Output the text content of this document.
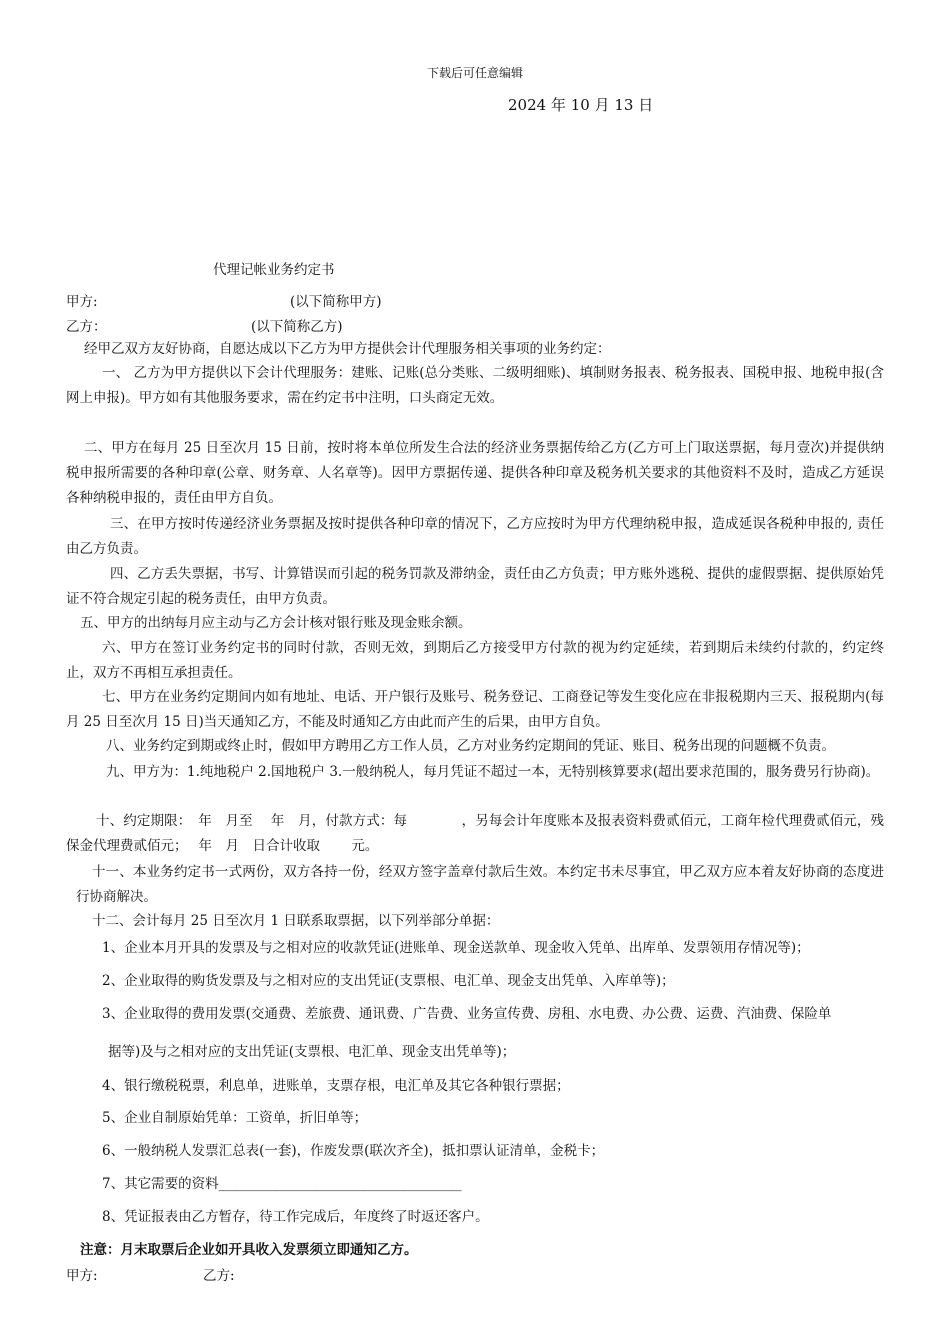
下载后可任意编辑
2024 年 10 月 13 日
代理记帐业务约定书
甲方:	(以下简称甲方)
乙方：	(以下简称乙方)
经甲乙双方友好协商，自愿达成以下乙方为甲方提供会计代理服务相关事项的业务约定：
一、 乙方为甲方提供以下会计代理服务：建账、记账(总分类账、二级明细账)、填制财务报表、税务报表、国税申报、地税申报(含网上申报)。甲方如有其他服务要求，需在约定书中注明，口头商定无效。
二、甲方在每月 25 日至次月 15 日前，按时将本单位所发生合法的经济业务票据传给乙方(乙方可上门取送票据，每月壹次)并提供纳税申报所需要的各种印章(公章、财务章、人名章等)。因甲方票据传递、提供各种印章及税务机关要求的其他资料不及时，造成乙方延误各种纳税申报的，责任由甲方自负。
三、在甲方按时传递经济业务票据及按时提供各种印章的情况下，乙方应按时为甲方代理纳税申报，造成延误各税种申报的, 责任由乙方负责。
四、乙方丢失票据，书写、计算错误而引起的税务罚款及滞纳金，责任由乙方负责；甲方账外逃税、提供的虚假票据、提供原始凭证不符合规定引起的税务责任，由甲方负责。
五、甲方的出纳每月应主动与乙方会计核对银行账及现金账余额。
六、甲方在签订业务约定书的同时付款，否则无效，到期后乙方接受甲方付款的视为约定延续，若到期后未续约付款的，约定终止，双方不再相互承担责任。
七、甲方在业务约定期间内如有地址、电话、开户银行及账号、税务登记、工商登记等发生变化应在非报税期内三天、报税期内(每月 25 日至次月 15 日)当天通知乙方，不能及时通知乙方由此而产生的后果，由甲方自负。
八、业务约定到期或终止时，假如甲方聘用乙方工作人员，乙方对业务约定期间的凭证、账目、税务出现的问题概不负责。
九、甲方为：1.纯地税户 2.国地税户 3.一般纳税人，每月凭证不超过一本，无特别核算要求(超出要求范围的，服务费另行协商)。
十、约定期限：　年　月至　 年　月，付款方式：每　　　　，另每会计年度账本及报表资料费贰佰元，工商年检代理费贰佰元，残保金代理费贰佰元；　 年　月　日合计收取　　 元。
十一、本业务约定书一式两份，双方各持一份，经双方签字盖章付款后生效。本约定书未尽事宜，甲乙双方应本着友好协商的态度进行协商解决。
十二、会计每月 25 日至次月 1 日联系取票据，以下列举部分单据：
1、企业本月开具的发票及与之相对应的收款凭证(进账单、现金送款单、现金收入凭单、出库单、发票领用存情况等)；
2、企业取得的购货发票及与之相对应的支出凭证(支票根、电汇单、现金支出凭单、入库单等)；
3、企业取得的费用发票(交通费、差旅费、通讯费、广告费、业务宣传费、房租、水电费、办公费、运费、汽油费、保险单
据等)及与之相对应的支出凭证(支票根、电汇单、现金支出凭单等)；
4、银行缴税税票，利息单，进账单，支票存根，电汇单及其它各种银行票据；
5、企业自制原始凭单：工资单，折旧单等；
6、一般纳税人发票汇总表(一套)，作废发票(联次齐全)，抵扣票认证清单，金税卡；
7、其它需要的资料____________________________________
8、凭证报表由乙方暂存，待工作完成后，年度终了时返还客户。
注意：月末取票后企业如开具收入发票须立即通知乙方。
甲方:	乙方:
